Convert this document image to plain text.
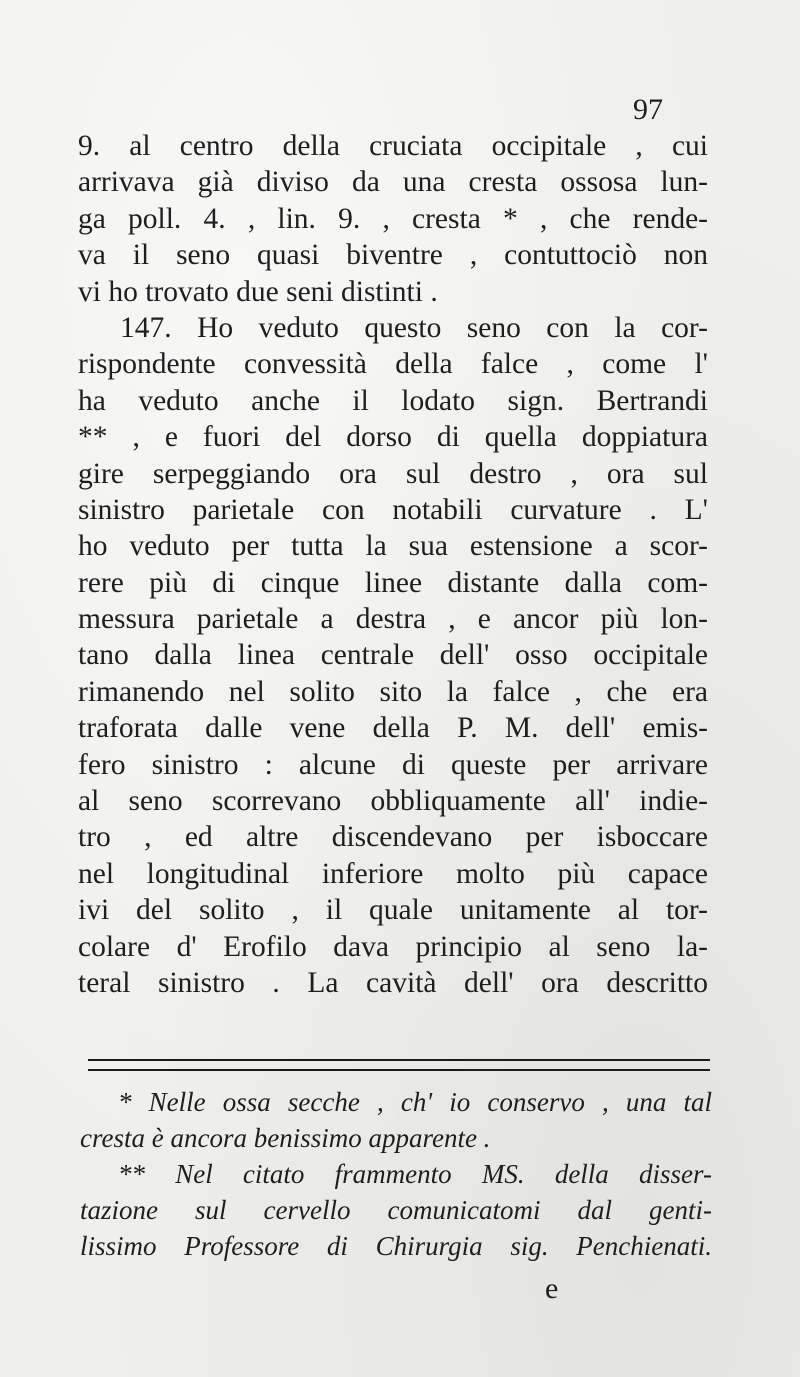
97
9. al centro della cruciata occipitale , cui
arrivava già diviso da una cresta ossosa lun-
ga poll. 4. , lin. 9. , cresta * , che rende-
va il seno quasi biventre , contuttociò non
vi ho trovato due seni distinti .
147. Ho veduto questo seno con la cor-
rispondente convessità della falce , come l'
ha veduto anche il lodato sign. Bertrandi
** , e fuori del dorso di quella doppiatura
gire serpeggiando ora sul destro , ora sul
sinistro parietale con notabili curvature . L'
ho veduto per tutta la sua estensione a scor-
rere più di cinque linee distante dalla com-
messura parietale a destra , e ancor più lon-
tano dalla linea centrale dell' osso occipitale
rimanendo nel solito sito la falce , che era
traforata dalle vene della P. M. dell' emis-
fero sinistro : alcune di queste per arrivare
al seno scorrevano obbliquamente all' indie-
tro , ed altre discendevano per isboccare
nel longitudinal inferiore molto più capace
ivi del solito , il quale unitamente al tor-
colare d' Erofilo dava principio al seno la-
teral sinistro . La cavità dell' ora descritto
* Nelle ossa secche , ch' io conservo , una tal
cresta è ancora benissimo apparente .
** Nel citato frammento MS. della disser-
tazione sul cervello comunicatomi dal genti-
lissimo Professore di Chirurgia sig. Penchienati.
e
